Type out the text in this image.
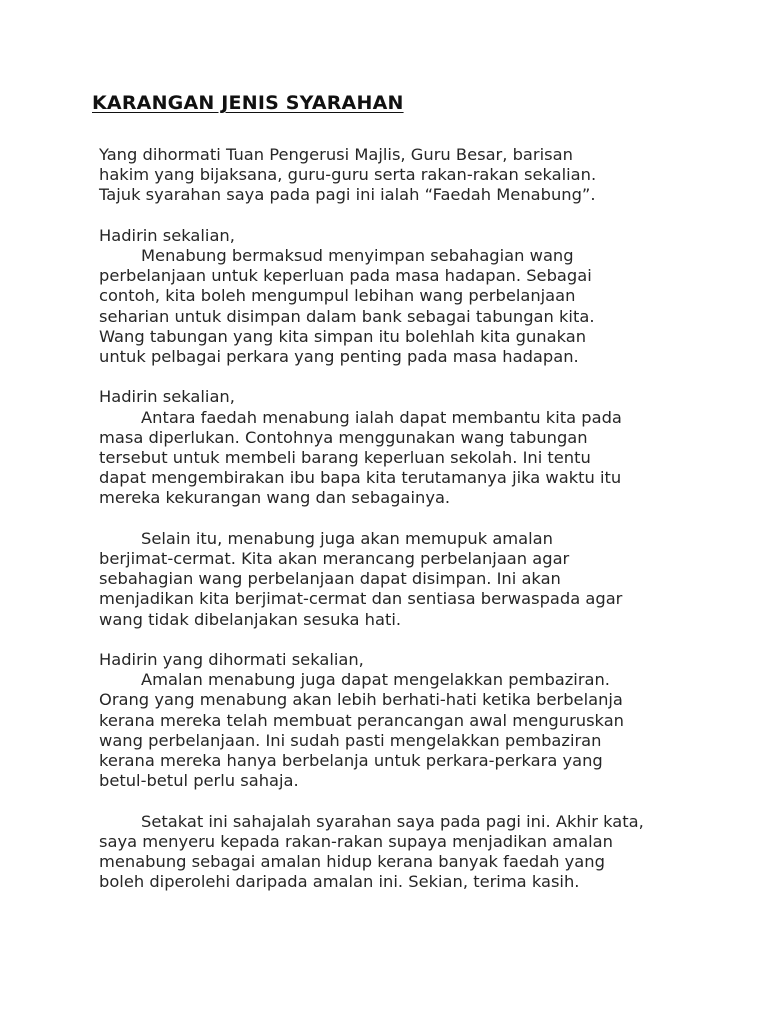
KARANGAN JENIS SYARAHAN

Yang dihormati Tuan Pengerusi Majlis, Guru Besar, barisan
hakim yang bijaksana, guru-guru serta rakan-rakan sekalian.
Tajuk syarahan saya pada pagi ini ialah “Faedah Menabung”.

Hadirin sekalian,
Menabung bermaksud menyimpan sebahagian wang
perbelanjaan untuk keperluan pada masa hadapan. Sebagai
contoh, kita boleh mengumpul lebihan wang perbelanjaan
seharian untuk disimpan dalam bank sebagai tabungan kita.
Wang tabungan yang kita simpan itu bolehlah kita gunakan
untuk pelbagai perkara yang penting pada masa hadapan.

Hadirin sekalian,
Antara faedah menabung ialah dapat membantu kita pada
masa diperlukan. Contohnya menggunakan wang tabungan
tersebut untuk membeli barang keperluan sekolah. Ini tentu
dapat mengembirakan ibu bapa kita terutamanya jika waktu itu
mereka kekurangan wang dan sebagainya.

Selain itu, menabung juga akan memupuk amalan
berjimat-cermat. Kita akan merancang perbelanjaan agar
sebahagian wang perbelanjaan dapat disimpan. Ini akan
menjadikan kita berjimat-cermat dan sentiasa berwaspada agar
wang tidak dibelanjakan sesuka hati.

Hadirin yang dihormati sekalian,
Amalan menabung juga dapat mengelakkan pembaziran.
Orang yang menabung akan lebih berhati-hati ketika berbelanja
kerana mereka telah membuat perancangan awal menguruskan
wang perbelanjaan. Ini sudah pasti mengelakkan pembaziran
kerana mereka hanya berbelanja untuk perkara-perkara yang
betul-betul perlu sahaja.

Setakat ini sahajalah syarahan saya pada pagi ini. Akhir kata,
saya menyeru kepada rakan-rakan supaya menjadikan amalan
menabung sebagai amalan hidup kerana banyak faedah yang
boleh diperolehi daripada amalan ini. Sekian, terima kasih.
